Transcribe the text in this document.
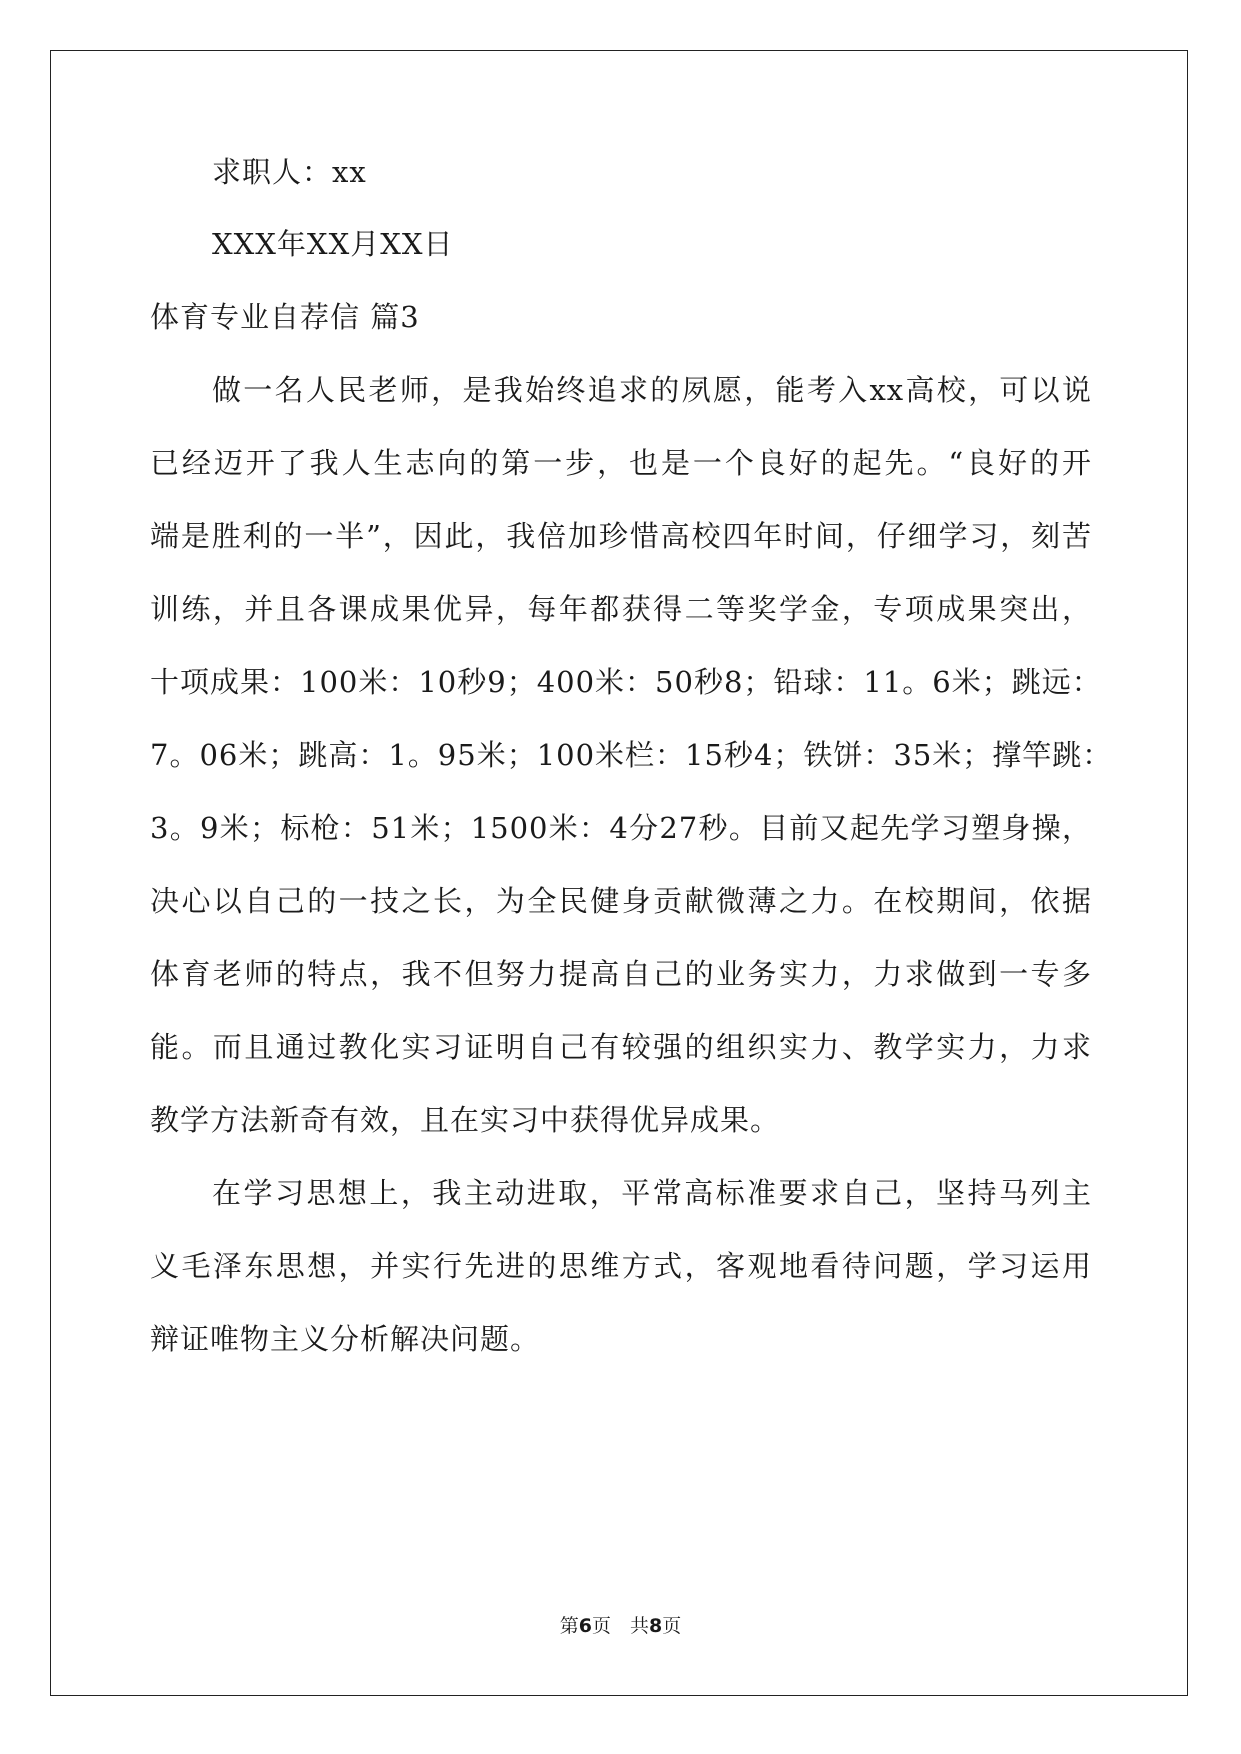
求职人：xx
XXX年XX月XX日
体育专业自荐信 篇3
做一名人民老师，是我始终追求的夙愿，能考入xx高校，可以说
已经迈开了我人生志向的第一步，也是一个良好的起先。“良好的开
端是胜利的一半”，因此，我倍加珍惜高校四年时间，仔细学习，刻苦
训练，并且各课成果优异，每年都获得二等奖学金，专项成果突出，
十项成果：100米：10秒9；400米：50秒8；铅球：11。6米；跳远：
7。06米；跳高：1。95米；100米栏：15秒4；铁饼：35米；撑竿跳：
3。9米；标枪：51米；1500米：4分27秒。目前又起先学习塑身操，
决心以自己的一技之长，为全民健身贡献微薄之力。在校期间，依据
体育老师的特点，我不但努力提高自己的业务实力，力求做到一专多
能。而且通过教化实习证明自己有较强的组织实力、教学实力，力求
教学方法新奇有效，且在实习中获得优异成果。
在学习思想上，我主动进取，平常高标准要求自己，坚持马列主
义毛泽东思想，并实行先进的思维方式，客观地看待问题，学习运用
辩证唯物主义分析解决问题。
第6页　共8页
